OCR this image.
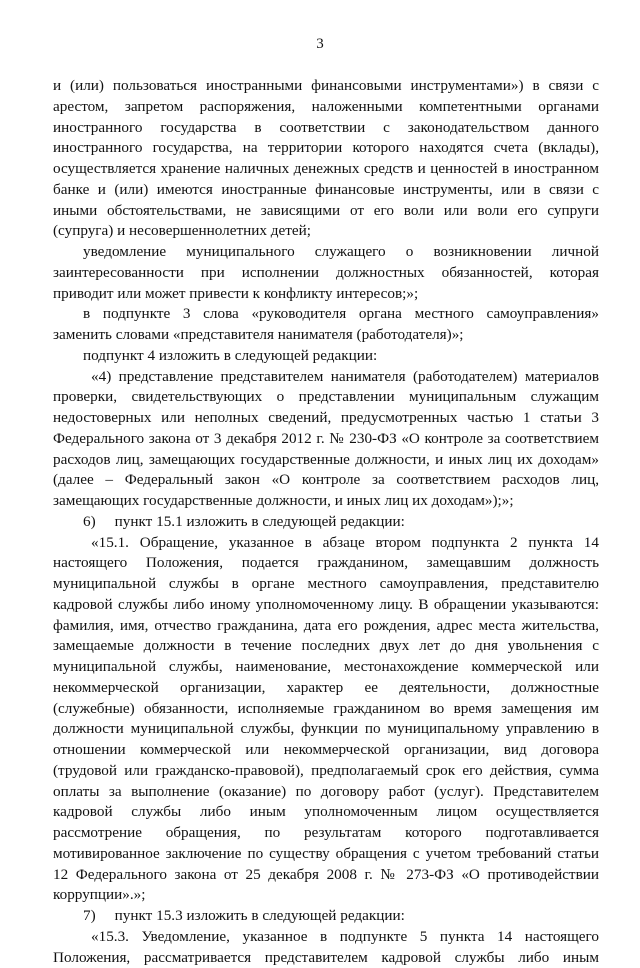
3
и (или) пользоваться иностранными финансовыми инструментами») в связи с
арестом, запретом распоряжения, наложенными компетентными органами
иностранного государства в соответствии с законодательством данного
иностранного государства, на территории которого находятся счета (вклады),
осуществляется хранение наличных денежных средств и ценностей в иностранном
банке и (или) имеются иностранные финансовые инструменты, или в связи с
иными обстоятельствами, не зависящими от его воли или воли его супруги
(супруга) и несовершеннолетних детей;
уведомление муниципального служащего о возникновении личной
заинтересованности при исполнении должностных обязанностей, которая
приводит или может привести к конфликту интересов;»;
в подпункте 3 слова «руководителя органа местного самоуправления»
заменить словами «представителя нанимателя (работодателя)»;
подпункт 4 изложить в следующей редакции:
«4) представление представителем нанимателя (работодателем) материалов
проверки, свидетельствующих о представлении муниципальным служащим
недостоверных или неполных сведений, предусмотренных частью 1 статьи 3
Федерального закона от 3 декабря 2012 г. № 230-ФЗ «О контроле за соответствием
расходов лиц, замещающих государственные должности, и иных лиц их доходам»
(далее – Федеральный закон «О контроле за соответствием расходов лиц,
замещающих государственные должности, и иных лиц их доходам»);»;
6)     пункт 15.1 изложить в следующей редакции:
«15.1. Обращение, указанное в абзаце втором подпункта 2 пункта 14
настоящего Положения, подается гражданином, замещавшим должность
муниципальной службы в органе местного самоуправления, представителю
кадровой службы либо иному уполномоченному лицу. В обращении указываются:
фамилия, имя, отчество гражданина, дата его рождения, адрес места жительства,
замещаемые должности в течение последних двух лет до дня увольнения с
муниципальной службы, наименование, местонахождение коммерческой или
некоммерческой организации, характер ее деятельности, должностные
(служебные) обязанности, исполняемые гражданином во время замещения им
должности муниципальной службы, функции по муниципальному управлению в
отношении коммерческой или некоммерческой организации, вид договора
(трудовой или гражданско-правовой), предполагаемый срок его действия, сумма
оплаты за выполнение (оказание) по договору работ (услуг). Представителем
кадровой службы либо иным уполномоченным лицом осуществляется
рассмотрение обращения, по результатам которого подготавливается
мотивированное заключение по существу обращения с учетом требований статьи
12 Федерального закона от 25 декабря 2008 г. № 273-ФЗ «О противодействии
коррупции».»;
7)     пункт 15.3 изложить в следующей редакции:
«15.3. Уведомление, указанное в подпункте 5 пункта 14 настоящего
Положения, рассматривается представителем кадровой службы либо иным
